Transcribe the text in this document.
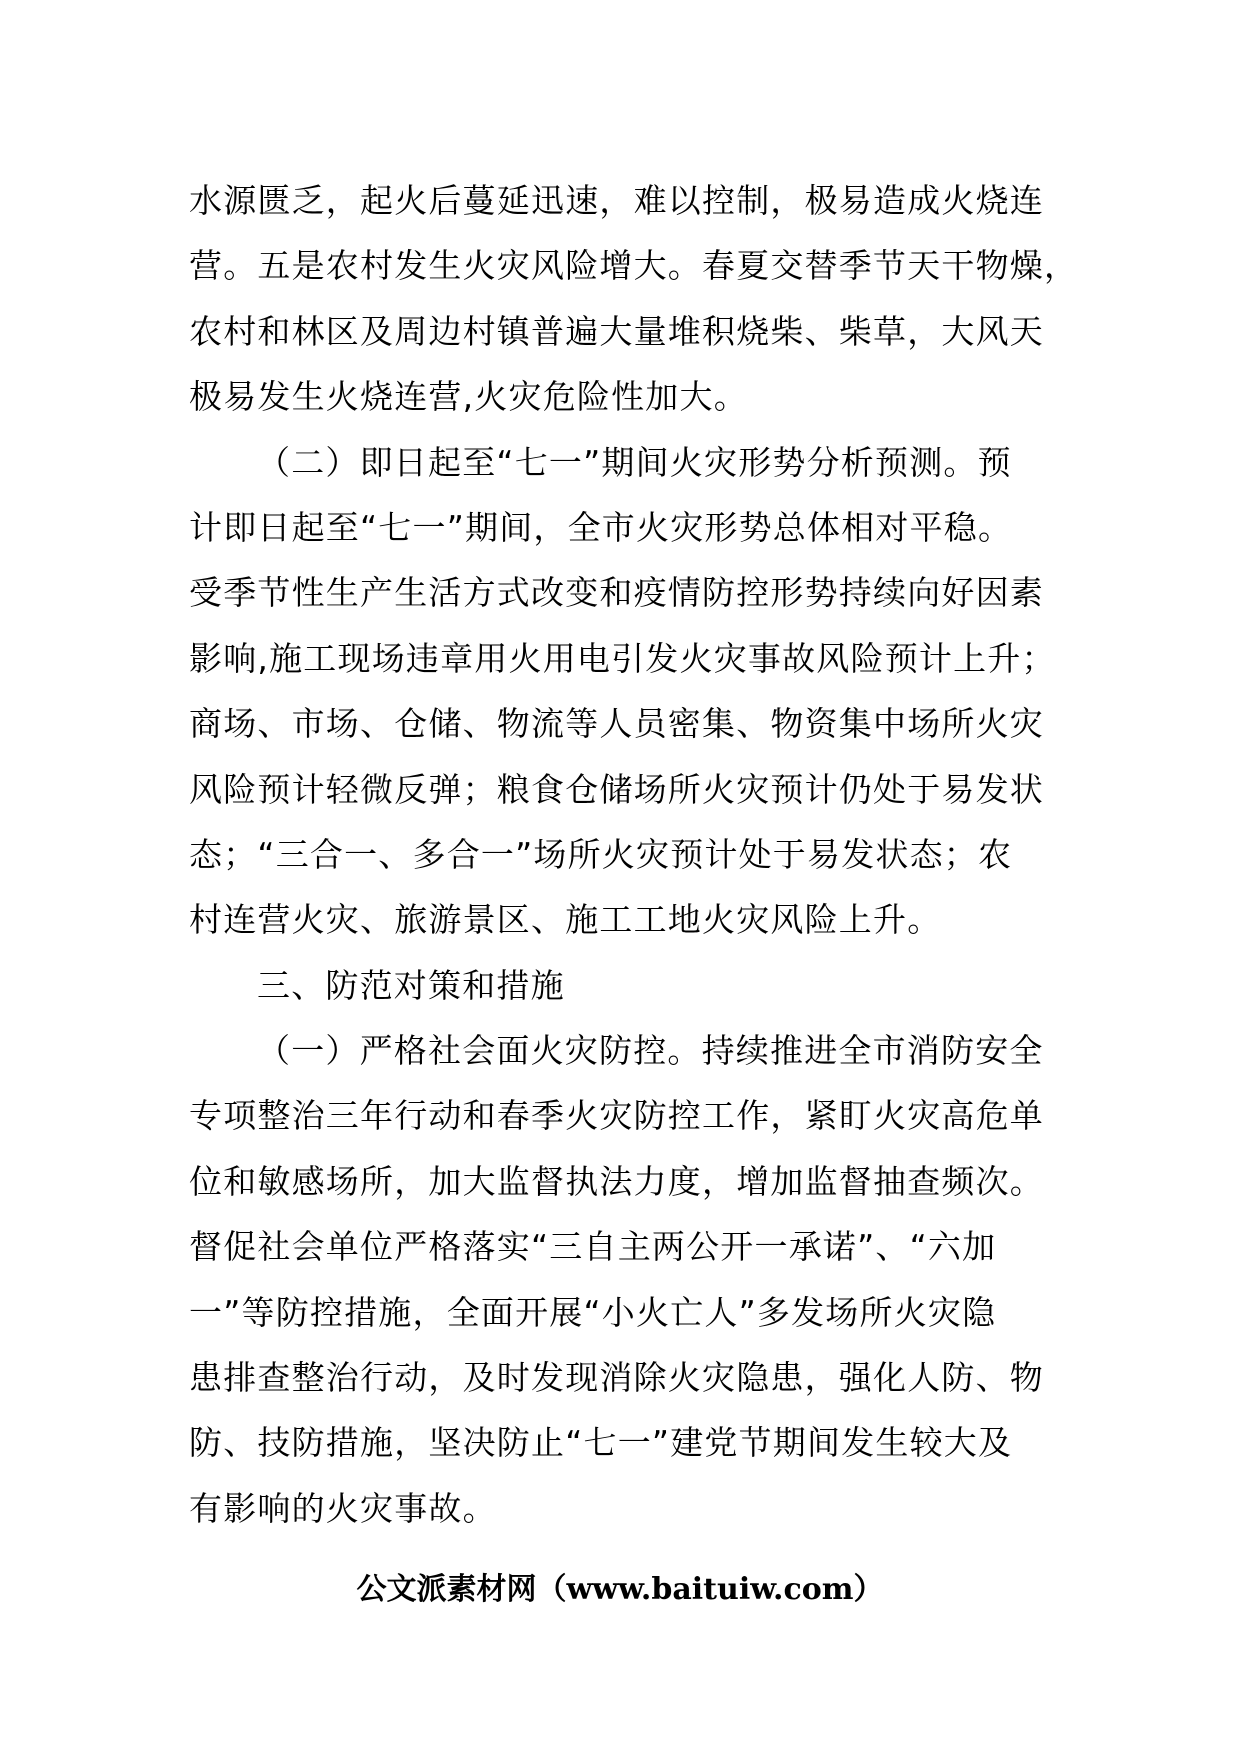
水源匮乏，起火后蔓延迅速，难以控制，极易造成火烧连
营。五是农村发生火灾风险增大。春夏交替季节天干物燥，
农村和林区及周边村镇普遍大量堆积烧柴、柴草，大风天
极易发生火烧连营,火灾危险性加大。
（二）即日起至“七一”期间火灾形势分析预测。预
计即日起至“七一”期间，全市火灾形势总体相对平稳。
受季节性生产生活方式改变和疫情防控形势持续向好因素
影响,施工现场违章用火用电引发火灾事故风险预计上升；
商场、市场、仓储、物流等人员密集、物资集中场所火灾
风险预计轻微反弹；粮食仓储场所火灾预计仍处于易发状
态；“三合一、多合一”场所火灾预计处于易发状态；农
村连营火灾、旅游景区、施工工地火灾风险上升。
三、防范对策和措施
（一）严格社会面火灾防控。持续推进全市消防安全
专项整治三年行动和春季火灾防控工作，紧盯火灾高危单
位和敏感场所，加大监督执法力度，增加监督抽查频次。
督促社会单位严格落实“三自主两公开一承诺”、“六加
一”等防控措施，全面开展“小火亡人”多发场所火灾隐
患排查整治行动，及时发现消除火灾隐患，强化人防、物
防、技防措施，坚决防止“七一”建党节期间发生较大及
有影响的火灾事故。
公文派素材网（www.baituiw.com）
